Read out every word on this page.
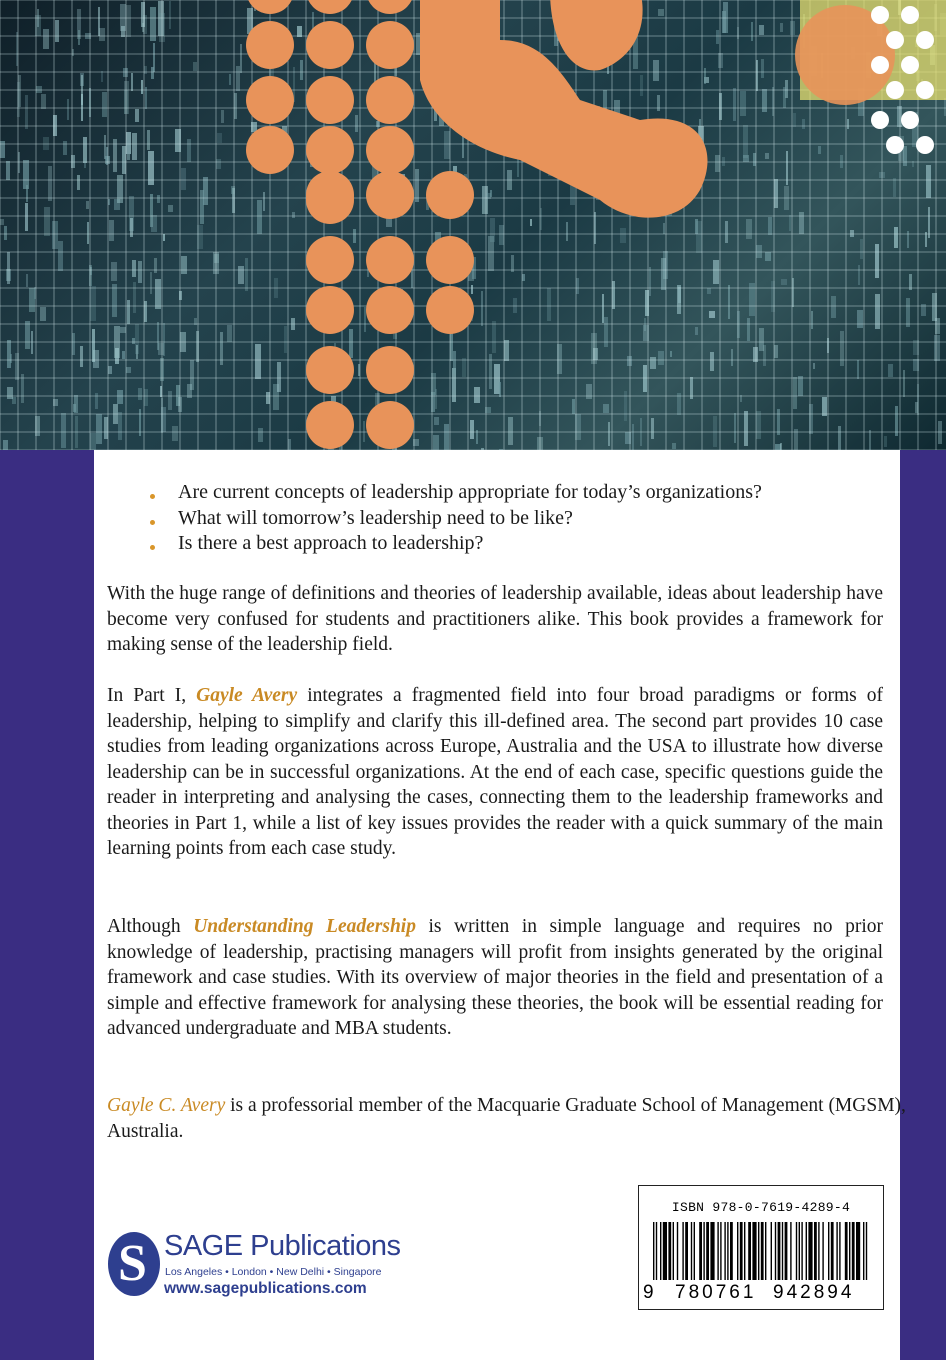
Are current concepts of leadership appropriate for today’s organizations?
What will tomorrow’s leadership need to be like?
Is there a best approach to leadership?

With the huge range of definitions and theories of leadership available, ideas about leadership have become very confused for students and practitioners alike. This book provides a framework for making sense of the leadership field.

In Part I, Gayle Avery integrates a fragmented field into four broad paradigms or forms of leadership, helping to simplify and clarify this ill-defined area. The second part provides 10 case studies from leading organizations across Europe, Australia and the USA to illustrate how diverse leadership can be in successful organizations. At the end of each case, specific questions guide the reader in interpreting and analysing the cases, connecting them to the leadership frameworks and theories in Part 1, while a list of key issues provides the reader with a quick summary of the main learning points from each case study.

Although Understanding Leadership is written in simple language and requires no prior knowledge of leadership, practising managers will profit from insights generated by the original framework and case studies. With its overview of major theories in the field and presentation of a simple and effective framework for analysing these theories, the book will be essential reading for advanced undergraduate and MBA students.

Gayle C. Avery is a professorial member of the Macquarie Graduate School of Management (MGSM), Australia.

S SAGE Publications
Los Angeles • London • New Delhi • Singapore
www.sagepublications.com
ISBN 978-0-7619-4289-4
9 780761 942894
